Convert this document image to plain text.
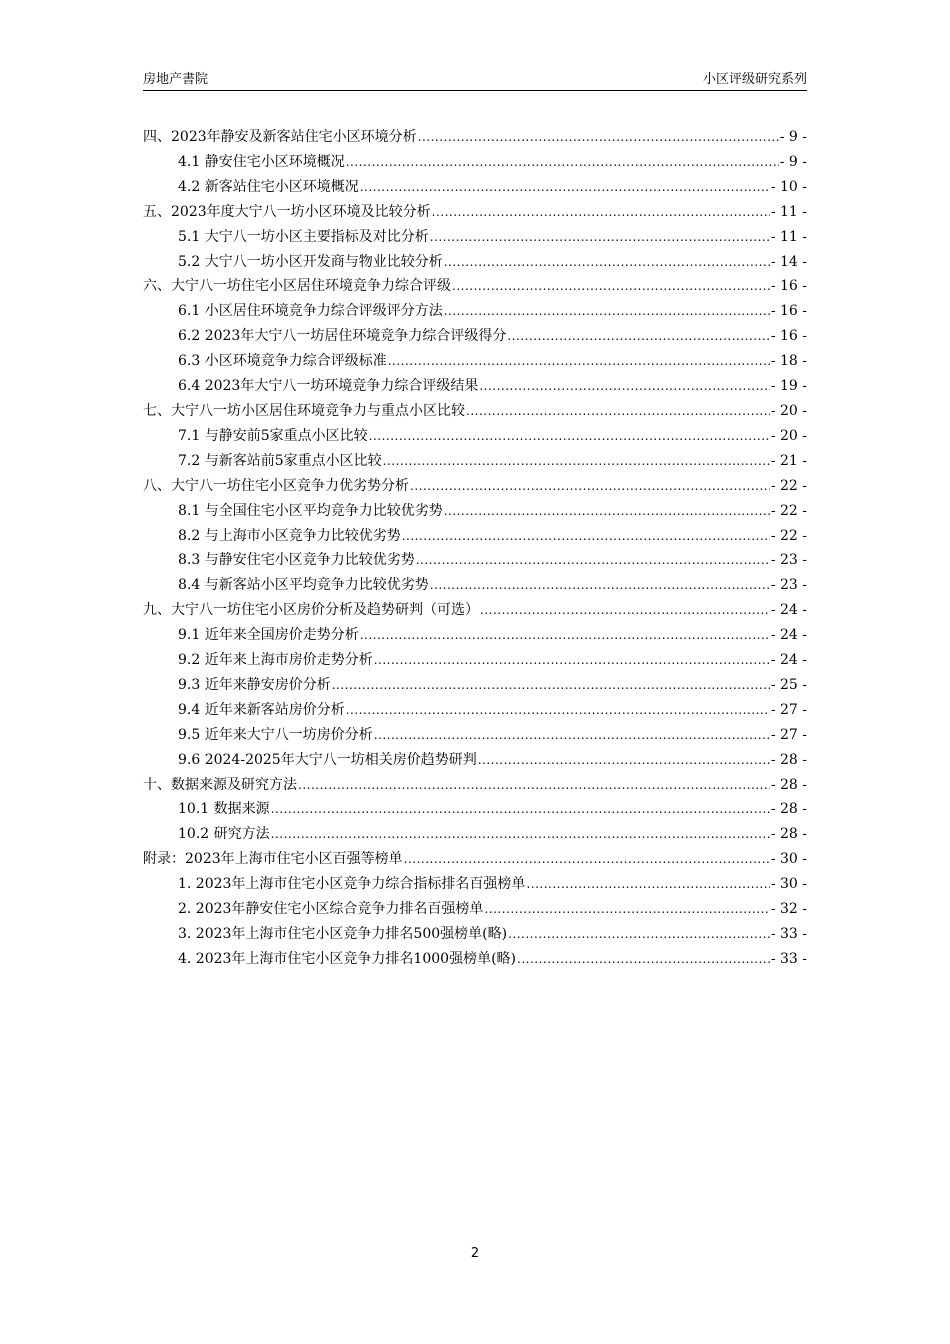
房地产書院	小区评级研究系列
四、2023年静安及新客站住宅小区环境分析 .....	- 9 -
4.1 静安住宅小区环境概况 .....	- 9 -
4.2 新客站住宅小区环境概况 .....	- 10 -
五、2023年度大宁八一坊小区环境及比较分析 .....	- 11 -
5.1 大宁八一坊小区主要指标及对比分析 .....	- 11 -
5.2 大宁八一坊小区开发商与物业比较分析 .....	- 14 -
六、大宁八一坊住宅小区居住环境竞争力综合评级 .....	- 16 -
6.1 小区居住环境竞争力综合评级评分方法 .....	- 16 -
6.2 2023年大宁八一坊居住环境竞争力综合评级得分 .....	- 16 -
6.3 小区环境竞争力综合评级标准 .....	- 18 -
6.4 2023年大宁八一坊环境竞争力综合评级结果 .....	- 19 -
七、大宁八一坊小区居住环境竞争力与重点小区比较 .....	- 20 -
7.1 与静安前5家重点小区比较 .....	- 20 -
7.2 与新客站前5家重点小区比较 .....	- 21 -
八、大宁八一坊住宅小区竞争力优劣势分析 .....	- 22 -
8.1 与全国住宅小区平均竞争力比较优劣势 .....	- 22 -
8.2 与上海市小区竞争力比较优劣势 .....	- 22 -
8.3 与静安住宅小区竞争力比较优劣势 .....	- 23 -
8.4 与新客站小区平均竞争力比较优劣势 .....	- 23 -
九、大宁八一坊住宅小区房价分析及趋势研判（可选） .....	- 24 -
9.1 近年来全国房价走势分析 .....	- 24 -
9.2 近年来上海市房价走势分析 .....	- 24 -
9.3 近年来静安房价分析 .....	- 25 -
9.4 近年来新客站房价分析 .....	- 27 -
9.5 近年来大宁八一坊房价分析 .....	- 27 -
9.6 2024-2025年大宁八一坊相关房价趋势研判 .....	- 28 -
十、数据来源及研究方法 .....	- 28 -
10.1 数据来源 .....	- 28 -
10.2 研究方法 .....	- 28 -
附录：2023年上海市住宅小区百强等榜单 .....	- 30 -
1. 2023年上海市住宅小区竞争力综合指标排名百强榜单 .....	- 30 -
2. 2023年静安住宅小区综合竞争力排名百强榜单 .....	- 32 -
3. 2023年上海市住宅小区竞争力排名500强榜单(略) .....	- 33 -
4. 2023年上海市住宅小区竞争力排名1000强榜单(略) .....	- 33 -
2
